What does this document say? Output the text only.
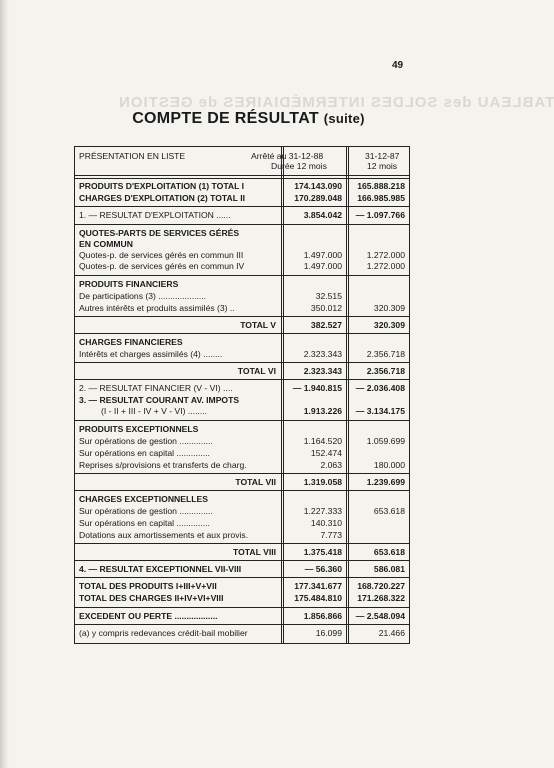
TABLEAU des SOLDES INTERMÉDIAIRES de GESTION
49
COMPTE DE RÉSULTAT (suite)
PRÉSENTATION EN LISTE	Arrêté au 31-12-88
Durée 12 mois
31-12-87
12 mois
PRODUITS D'EXPLOITATION (1) TOTAL I	174.143.090	165.888.218
CHARGES D'EXPLOITATION (2) TOTAL II	170.289.048	166.985.985
1. — RESULTAT D'EXPLOITATION ......	3.854.042	— 1.097.766
QUOTES-PARTS DE SERVICES GÉRÉS
EN COMMUN
Quotes-p. de services gérés en commun III	1.497.000	1.272.000
Quotes-p. de services gérés en commun IV	1.497.000	1.272.000
PRODUITS FINANCIERS
De participations (3) ....................	32.515
Autres intérêts et produits assimilés (3) ..	350.012	320.309
TOTAL V	382.527	320.309
CHARGES FINANCIERES
Intérêts et charges assimilés (4) ........	2.323.343	2.356.718
TOTAL VI	2.323.343	2.356.718
2. — RESULTAT FINANCIER (V - VI) ....	— 1.940.815	— 2.036.408
3. — RESULTAT COURANT AV. IMPOTS
(I - II + III - IV + V - VI) ........	1.913.226	— 3.134.175
PRODUITS EXCEPTIONNELS
Sur opérations de gestion ..............	1.164.520	1.059.699
Sur opérations en capital ..............	152.474
Reprises s/provisions et transferts de charg.	2.063	180.000
TOTAL VII	1.319.058	1.239.699
CHARGES EXCEPTIONNELLES
Sur opérations de gestion ..............	1.227.333	653.618
Sur opérations en capital ..............	140.310
Dotations aux amortissements et aux provis.	7.773
TOTAL VIII	1.375.418	653.618
4. — RESULTAT EXCEPTIONNEL VII-VIII	— 56.360	586.081
TOTAL DES PRODUITS I+III+V+VII	177.341.677	168.720.227
TOTAL DES CHARGES II+IV+VI+VIII	175.484.810	171.268.322
EXCEDENT OU PERTE ..................	1.856.866	— 2.548.094
(a) y compris redevances crédit-bail mobilier	16.099	21.466
